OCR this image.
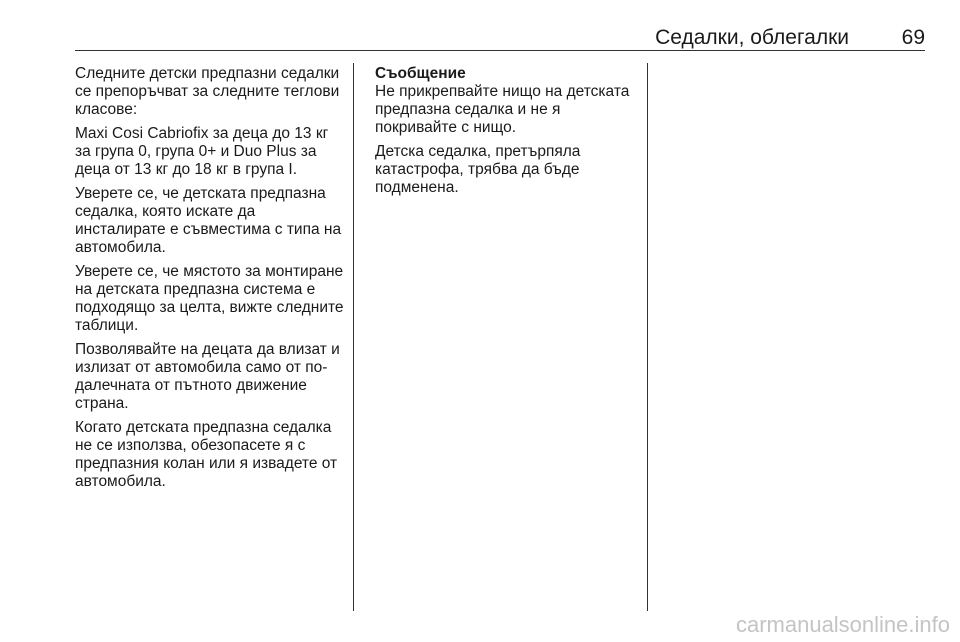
Седалки, облегалки	69

Следните детски предпазни седалки се препоръчват за следните теглови класове:

Maxi Cosi Cabriofix за деца до 13 кг за група 0, група 0+ и Duo Plus за деца от 13 кг до 18 кг в група I.

Уверете се, че детската предпазна седалка, която искате да инсталирате е съвместима с типа на автомобила.

Уверете се, че мястото за монтиране на детската предпазна система е подходящо за целта, вижте следните таблици.

Позволявайте на децата да влизат и излизат от автомобила само от по-далечната от пътното движение страна.

Когато детската предпазна седалка не се използва, обезопасете я с предпазния колан или я извадете от автомобила.

Съобщение

Не прикрепвайте нищо на детската предпазна седалка и не я покривайте с нищо.

Детска седалка, претърпяла катастрофа, трябва да бъде подменена.

carmanualsonline.info
